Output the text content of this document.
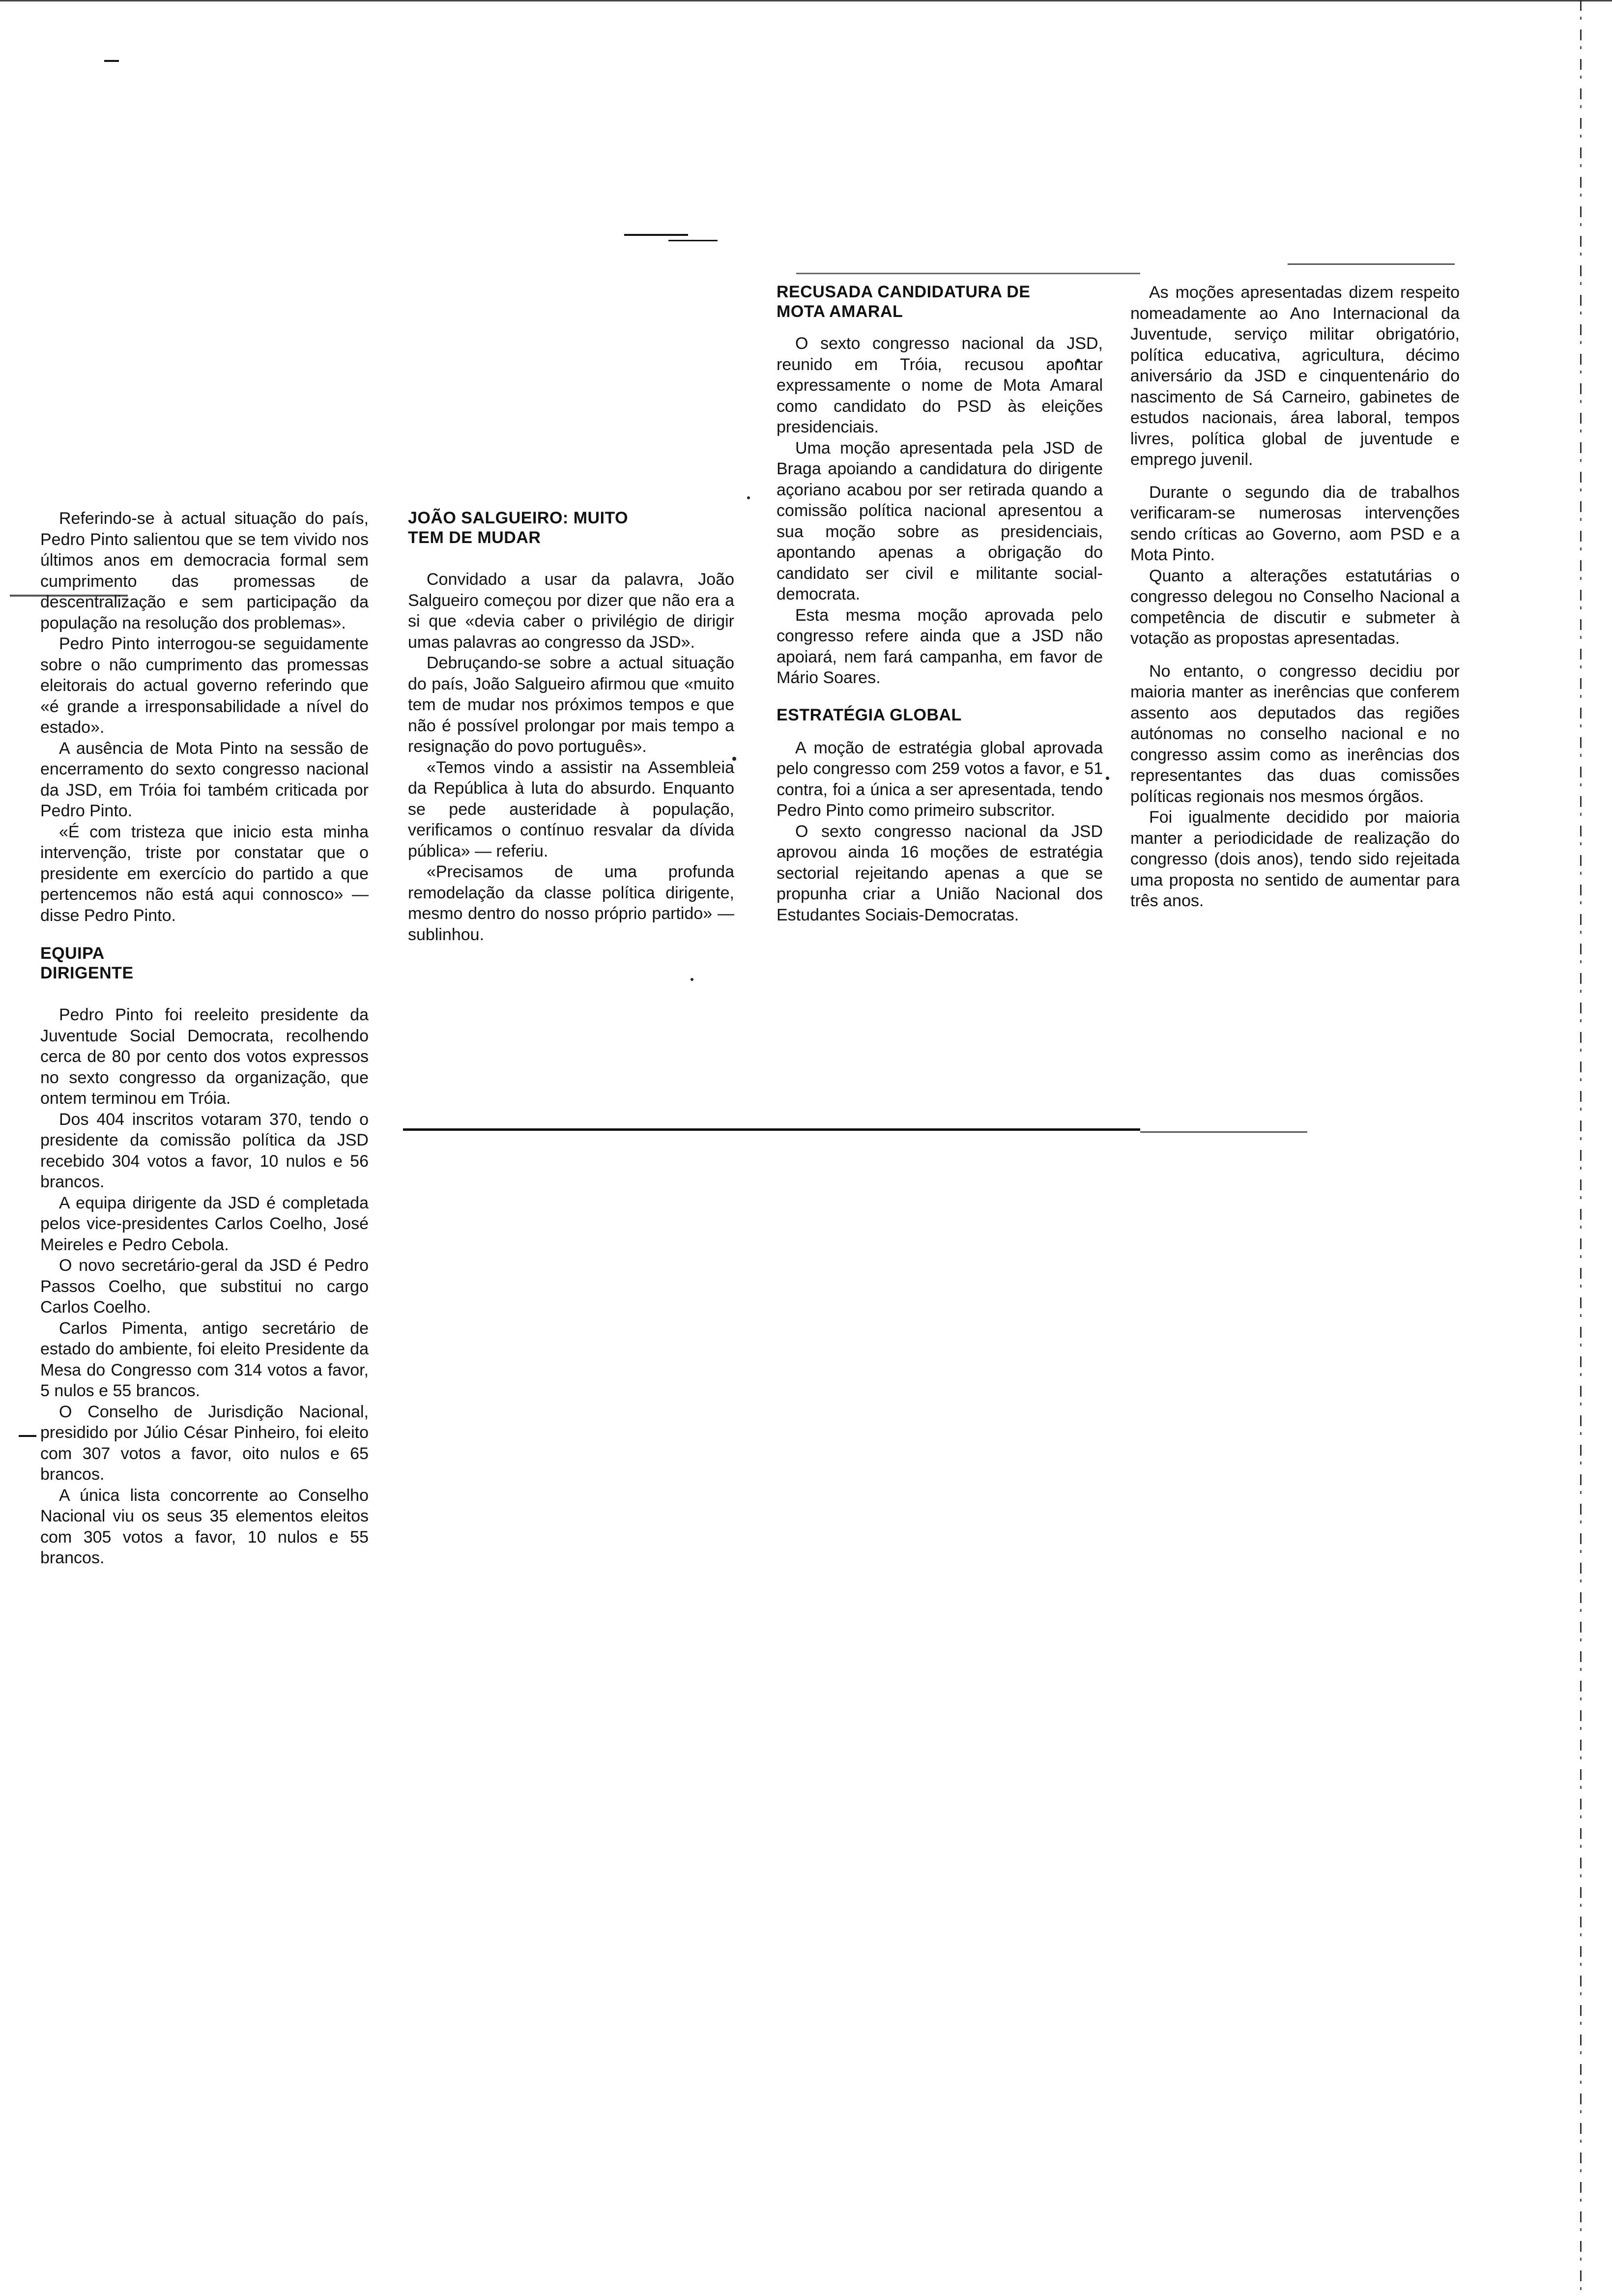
Referindo-se à actual situação do país, Pedro Pinto salientou que se tem vivido nos últimos anos em democracia formal sem cumprimento das promessas de descentralização e sem participação da população na resolução dos problemas».

Pedro Pinto interrogou-se seguidamente sobre o não cumprimento das promessas eleitorais do actual governo referindo que «é grande a irresponsabilidade a nível do estado».

A ausência de Mota Pinto na sessão de encerramento do sexto congresso nacional da JSD, em Tróia foi também criticada por Pedro Pinto.

«É com tristeza que inicio esta minha intervenção, triste por constatar que o presidente em exercício do partido a que pertencemos não está aqui connosco» — disse Pedro Pinto.

EQUIPA DIRIGENTE

Pedro Pinto foi reeleito presidente da Juventude Social Democrata, recolhendo cerca de 80 por cento dos votos expressos no sexto congresso da organização, que ontem terminou em Tróia.

Dos 404 inscritos votaram 370, tendo o presidente da comissão política da JSD recebido 304 votos a favor, 10 nulos e 56 brancos.

A equipa dirigente da JSD é completada pelos vice-presidentes Carlos Coelho, José Meireles e Pedro Cebola.

O novo secretário-geral da JSD é Pedro Passos Coelho, que substitui no cargo Carlos Coelho.

Carlos Pimenta, antigo secretário de estado do ambiente, foi eleito Presidente da Mesa do Congresso com 314 votos a favor, 5 nulos e 55 brancos.

O Conselho de Jurisdição Nacional, presidido por Júlio César Pinheiro, foi eleito com 307 votos a favor, oito nulos e 65 brancos.

A única lista concorrente ao Conselho Nacional viu os seus 35 elementos eleitos com 305 votos a favor, 10 nulos e 55 brancos.

JOÃO SALGUEIRO: MUITO TEM DE MUDAR

Convidado a usar da palavra, João Salgueiro começou por dizer que não era a si que «devia caber o privilégio de dirigir umas palavras ao congresso da JSD».

Debruçando-se sobre a actual situação do país, João Salgueiro afirmou que «muito tem de mudar nos próximos tempos e que não é possível prolongar por mais tempo a resignação do povo português».

«Temos vindo a assistir na Assembleia da República à luta do absurdo. Enquanto se pede austeridade à população, verificamos o contínuo resvalar da dívida pública» — referiu.

«Precisamos de uma profunda remodelação da classe política dirigente, mesmo dentro do nosso próprio partido» — sublinhou.

RECUSADA CANDIDATURA DE MOTA AMARAL

O sexto congresso nacional da JSD, reunido em Tróia, recusou apontar expressamente o nome de Mota Amaral como candidato do PSD às eleições presidenciais.

Uma moção apresentada pela JSD de Braga apoiando a candidatura do dirigente açoriano acabou por ser retirada quando a comissão política nacional apresentou a sua moção sobre as presidenciais, apontando apenas a obrigação do candidato ser civil e militante social-democrata.

Esta mesma moção aprovada pelo congresso refere ainda que a JSD não apoiará, nem fará campanha, em favor de Mário Soares.

ESTRATÉGIA GLOBAL

A moção de estratégia global aprovada pelo congresso com 259 votos a favor, e 51 contra, foi a única a ser apresentada, tendo Pedro Pinto como primeiro subscritor.

O sexto congresso nacional da JSD aprovou ainda 16 moções de estratégia sectorial rejeitando apenas a que se propunha criar a União Nacional dos Estudantes Sociais-Democratas.

As moções apresentadas dizem respeito nomeadamente ao Ano Internacional da Juventude, serviço militar obrigatório, política educativa, agricultura, décimo aniversário da JSD e cinquentenário do nascimento de Sá Carneiro, gabinetes de estudos nacionais, área laboral, tempos livres, política global de juventude e emprego juvenil.

Durante o segundo dia de trabalhos verificaram-se numerosas intervenções sendo críticas ao Governo, aom PSD e a Mota Pinto.

Quanto a alterações estatutárias o congresso delegou no Conselho Nacional a competência de discutir e submeter à votação as propostas apresentadas.

No entanto, o congresso decidiu por maioria manter as inerências que conferem assento aos deputados das regiões autónomas no conselho nacional e no congresso assim como as inerências dos representantes das duas comissões políticas regionais nos mesmos órgãos.

Foi igualmente decidido por maioria manter a periodicidade de realização do congresso (dois anos), tendo sido rejeitada uma proposta no sentido de aumentar para três anos.
